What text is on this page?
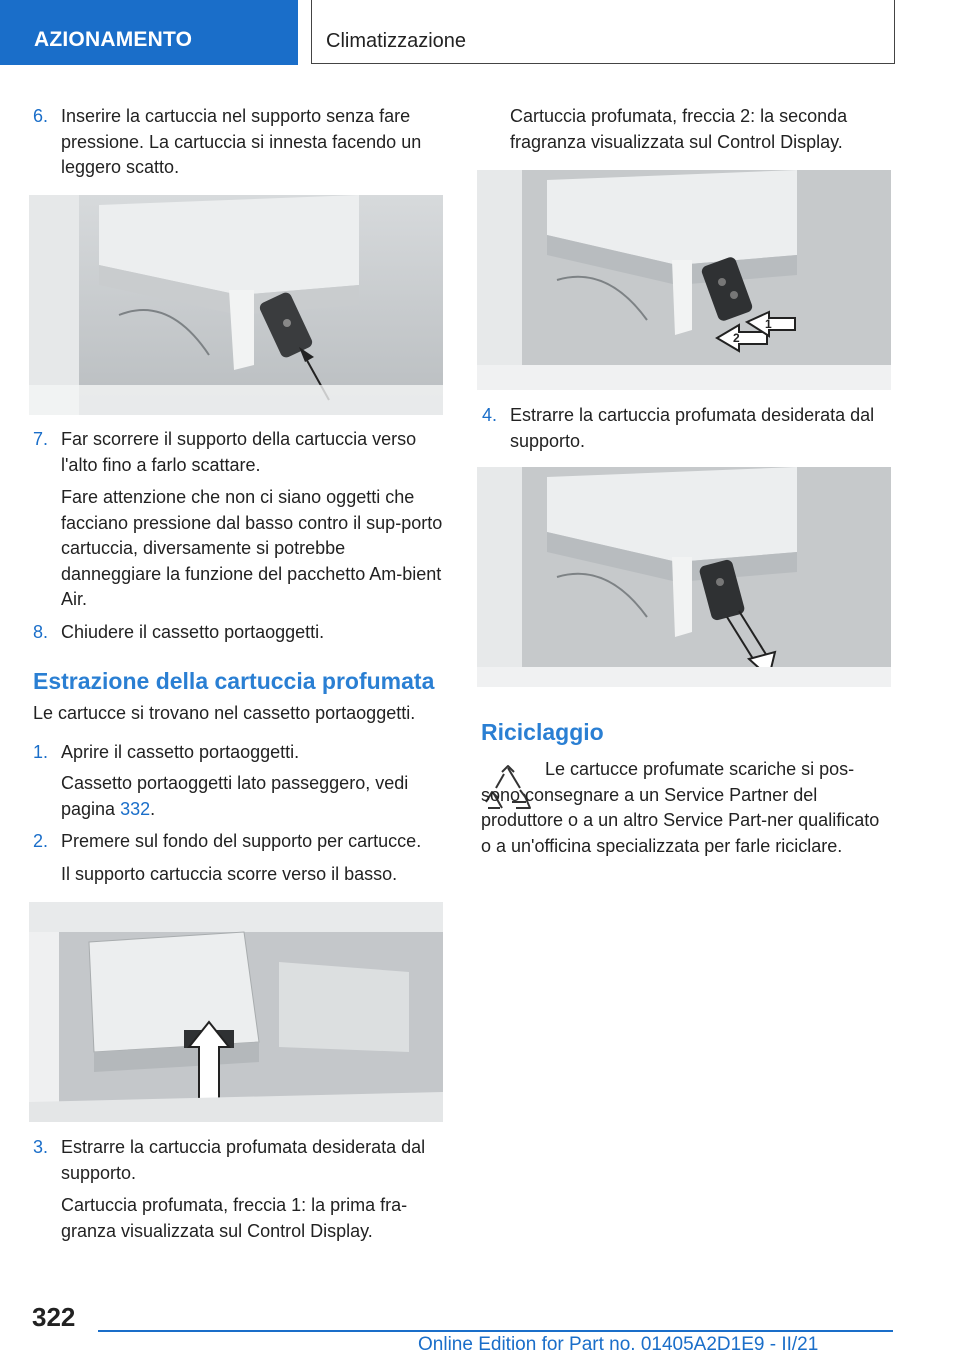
AZIONAMENTO	Climatizzazione
6. Inserire la cartuccia nel supporto senza fare pressione. La cartuccia si innesta facendo un leggero scatto.
7. Far scorrere il supporto della cartuccia verso l'alto fino a farlo scattare.

Fare attenzione che non ci siano oggetti che facciano pressione dal basso contro il sup-porto cartuccia, diversamente si potrebbe danneggiare la funzione del pacchetto Am-bient Air.

8. Chiudere il cassetto portaoggetti.
Estrazione della cartuccia profumata

Le cartucce si trovano nel cassetto portaoggetti.

1. Aprire il cassetto portaoggetti.

Cassetto portaoggetti lato passeggero, vedi pagina 332.

2. Premere sul fondo del supporto per cartucce.

Il supporto cartuccia scorre verso il basso.

3. Estrarre la cartuccia profumata desiderata dal supporto.

Cartuccia profumata, freccia 1: la prima fra-granza visualizzata sul Control Display.

Cartuccia profumata, freccia 2: la seconda fragranza visualizzata sul Control Display.

2
1
4. Estrarre la cartuccia profumata desiderata dal supporto.
Riciclaggio

Le cartucce profumate scariche si pos-sono consegnare a un Service Partner del produttore o a un altro Service Part-ner qualificato o a un'officina specializzata per farle riciclare.

322
Online Edition for Part no. 01405A2D1E9 - II/21
